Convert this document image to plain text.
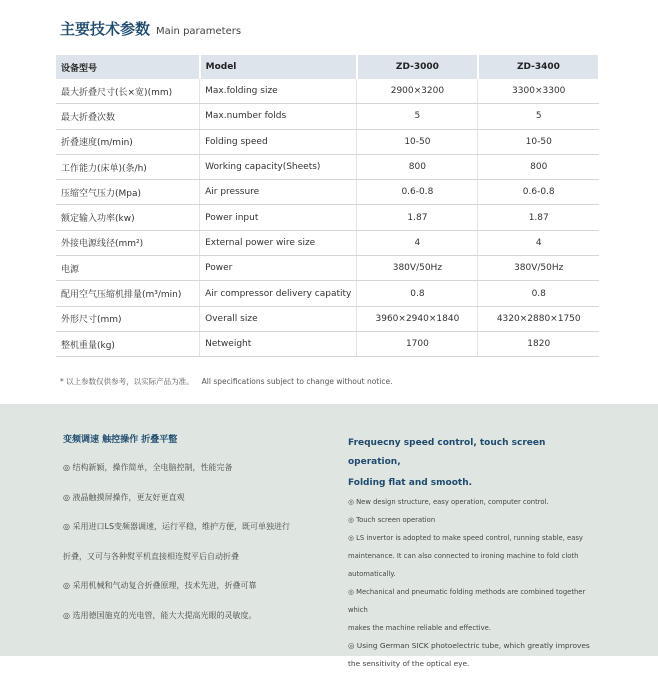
主要技术参数 Main parameters
设备型号	Model	ZD-3000	ZD-3400
最大折叠尺寸(长×宽)(mm)	Max.folding size	2900×3200	3300×3300
最大折叠次数	Max.number folds	5	5
折叠速度(m/min)	Folding speed	10-50	10-50
工作能力(床单)(条/h)	Working capacity(Sheets)	800	800
压缩空气压力(Mpa)	Air pressure	0.6-0.8	0.6-0.8
额定输入功率(kw)	Power input	1.87	1.87
外接电源线径(mm²)	External power wire size	4	4
电源	Power	380V/50Hz	380V/50Hz
配用空气压缩机排量(m³/min)	Air compressor delivery capatity	0.8	0.8
外形尺寸(mm)	Overall size	3960×2940×1840	4320×2880×1750
整机重量(kg)	Netweight	1700	1820
* 以上参数仅供参考，以实际产品为准。 All specifications subject to change without notice.
变频调速 触控操作 折叠平整

◎ 结构新颖，操作简单，全电脑控制，性能完备

◎ 液晶触摸屏操作，更友好更直观

◎ 采用进口LS变频器调速，运行平稳，维护方便，既可单独进行

折叠，又可与各种熨平机直接相连熨平后自动折叠

◎ 采用机械和气动复合折叠原理，技术先进，折叠可靠

◎ 选用德国施克的光电管，能大大提高光眼的灵敏度。

Frequecny speed control, touch screen operation,
Folding flat and smooth.

◎ New design structure, easy operation, computer control.

◎ Touch screen operation

◎ LS invertor is adopted to make speed control, running stable, easy

maintenance. It can also connected to ironing machine to fold cloth

automatically.

◎ Mechanical and pneumatic folding methods are combined together which

makes the machine reliable and effective.

◎ Using German SICK photoelectric tube, which greatly improves

the sensitivity of the optical eye.
